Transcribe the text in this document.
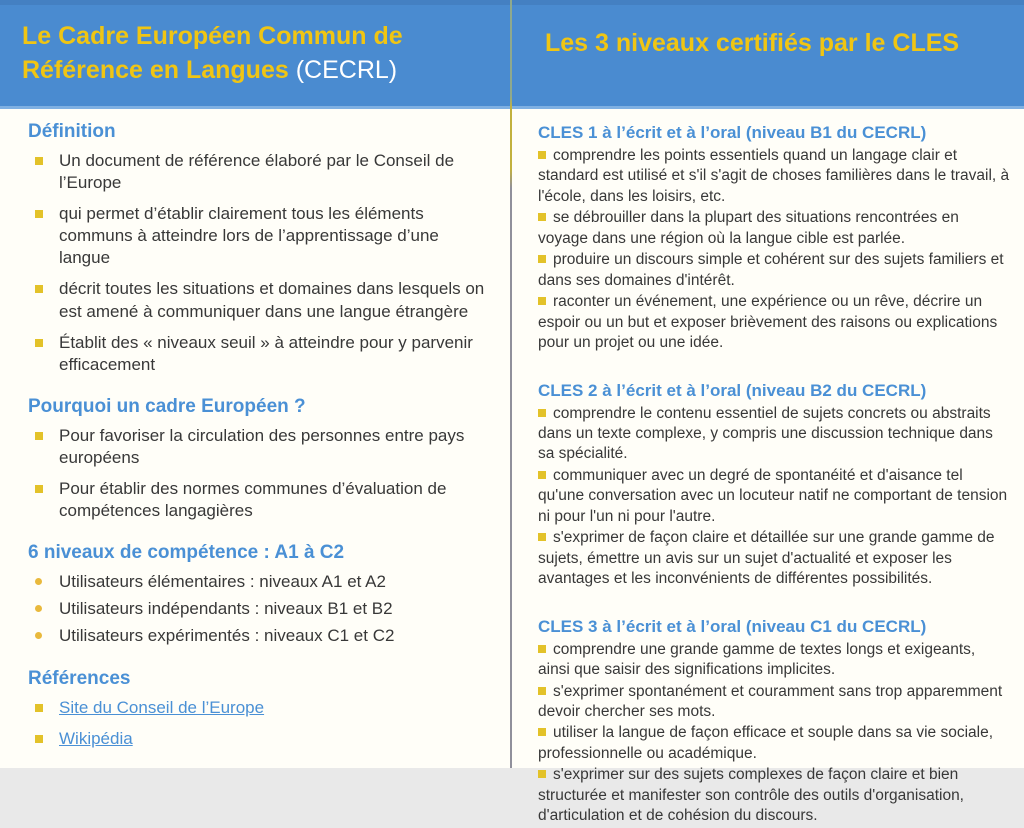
Le Cadre Européen Commun de Référence en Langues (CECRL)
Les 3 niveaux certifiés par le CLES
Définition
Un document de référence élaboré par le Conseil de l’Europe
qui permet d’établir clairement tous les éléments communs à atteindre lors de l’apprentissage d’une langue
décrit toutes les situations et domaines dans lesquels on est amené à communiquer dans une langue étrangère
Établit des « niveaux seuil » à atteindre pour y parvenir efficacement
Pourquoi un cadre Européen ?
Pour favoriser la circulation des personnes entre pays européens
Pour établir des normes communes d’évaluation de compétences langagières
6 niveaux de compétence : A1 à C2
Utilisateurs élémentaires : niveaux A1 et A2
Utilisateurs indépendants : niveaux B1 et B2
Utilisateurs expérimentés : niveaux C1 et C2
Références
Site du Conseil de l’Europe
Wikipédia
CLES 1 à l’écrit et à l’oral (niveau B1 du CECRL)

comprendre les points essentiels quand un langage clair et standard est utilisé et s'il s'agit de choses familières dans le travail, à l'école, dans les loisirs, etc.

se débrouiller dans la plupart des situations rencontrées en voyage dans une région où la langue cible est parlée.

produire un discours simple et cohérent sur des sujets familiers et dans ses domaines d'intérêt.

raconter un événement, une expérience ou un rêve, décrire un espoir ou un but et exposer brièvement des raisons ou explications pour un projet ou une idée.

CLES 2 à l’écrit et à l’oral (niveau B2 du CECRL)

comprendre le contenu essentiel de sujets concrets ou abstraits dans un texte complexe, y compris une discussion technique dans sa spécialité.

communiquer avec un degré de spontanéité et d'aisance tel qu'une conversation avec un locuteur natif ne comportant de tension ni pour l'un ni pour l'autre.

s'exprimer de façon claire et détaillée sur une grande gamme de sujets, émettre un avis sur un sujet d'actualité et exposer les avantages et les inconvénients de différentes possibilités.

CLES 3 à l’écrit et à l’oral (niveau C1 du CECRL)

comprendre une grande gamme de textes longs et exigeants, ainsi que saisir des significations implicites.

s'exprimer spontanément et couramment sans trop apparemment devoir chercher ses mots.

utiliser la langue de façon efficace et souple dans sa vie sociale, professionnelle ou académique.

s'exprimer sur des sujets complexes de façon claire et bien structurée et manifester son contrôle des outils d'organisation, d'articulation et de cohésion du discours.
